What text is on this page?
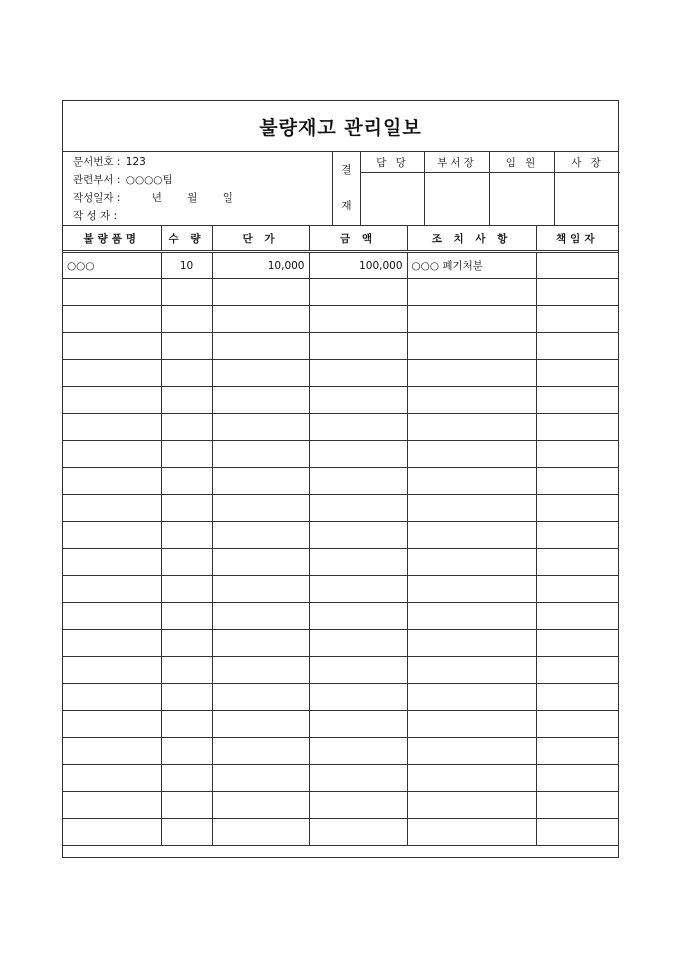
불량재고 관리일보
문서번호 : 123
관련부서 : ○○○○팀
작성일자 :	년 월 일
작 성 자 :
결
재
담 당	부서장	임 원	사 장
불량품명	수 량	단 가	금 액	조 치 사 항	책임자
○○○	10	10,000	100,000	○○○ 폐기처분	
